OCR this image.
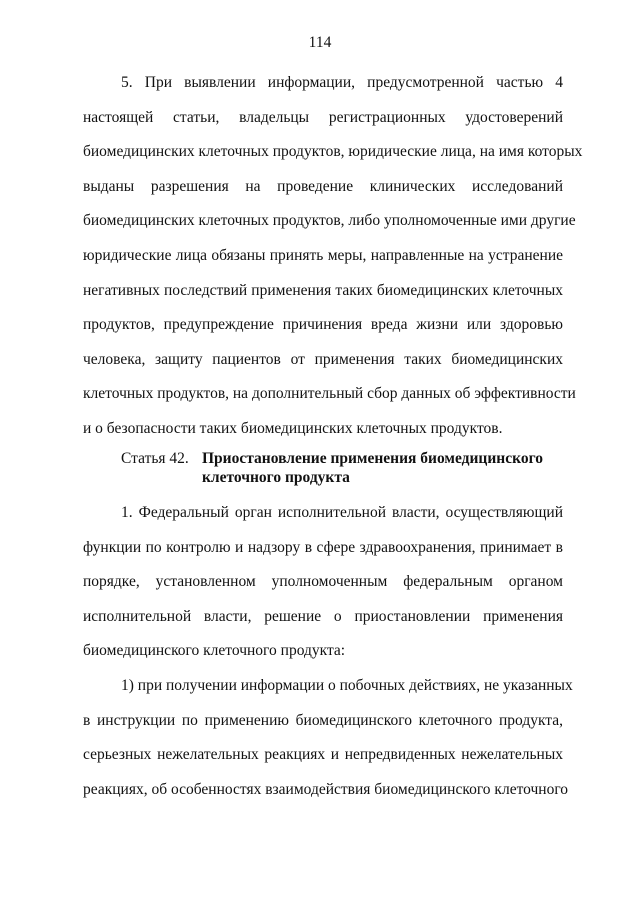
114
5. При выявлении информации, предусмотренной частью 4
настоящей статьи, владельцы регистрационных удостоверений
биомедицинских клеточных продуктов, юридические лица, на имя которых
выданы разрешения на проведение клинических исследований
биомедицинских клеточных продуктов, либо уполномоченные ими другие
юридические лица обязаны принять меры, направленные на устранение
негативных последствий применения таких биомедицинских клеточных
продуктов, предупреждение причинения вреда жизни или здоровью
человека, защиту пациентов от применения таких биомедицинских
клеточных продуктов, на дополнительный сбор данных об эффективности
и о безопасности таких биомедицинских клеточных продуктов.
Статья 42. Приостановление применения биомедицинского
клеточного продукта
1. Федеральный орган исполнительной власти, осуществляющий
функции по контролю и надзору в сфере здравоохранения, принимает в
порядке, установленном уполномоченным федеральным органом
исполнительной власти, решение о приостановлении применения
биомедицинского клеточного продукта:
1) при получении информации о побочных действиях, не указанных
в инструкции по применению биомедицинского клеточного продукта,
серьезных нежелательных реакциях и непредвиденных нежелательных
реакциях, об особенностях взаимодействия биомедицинского клеточного
